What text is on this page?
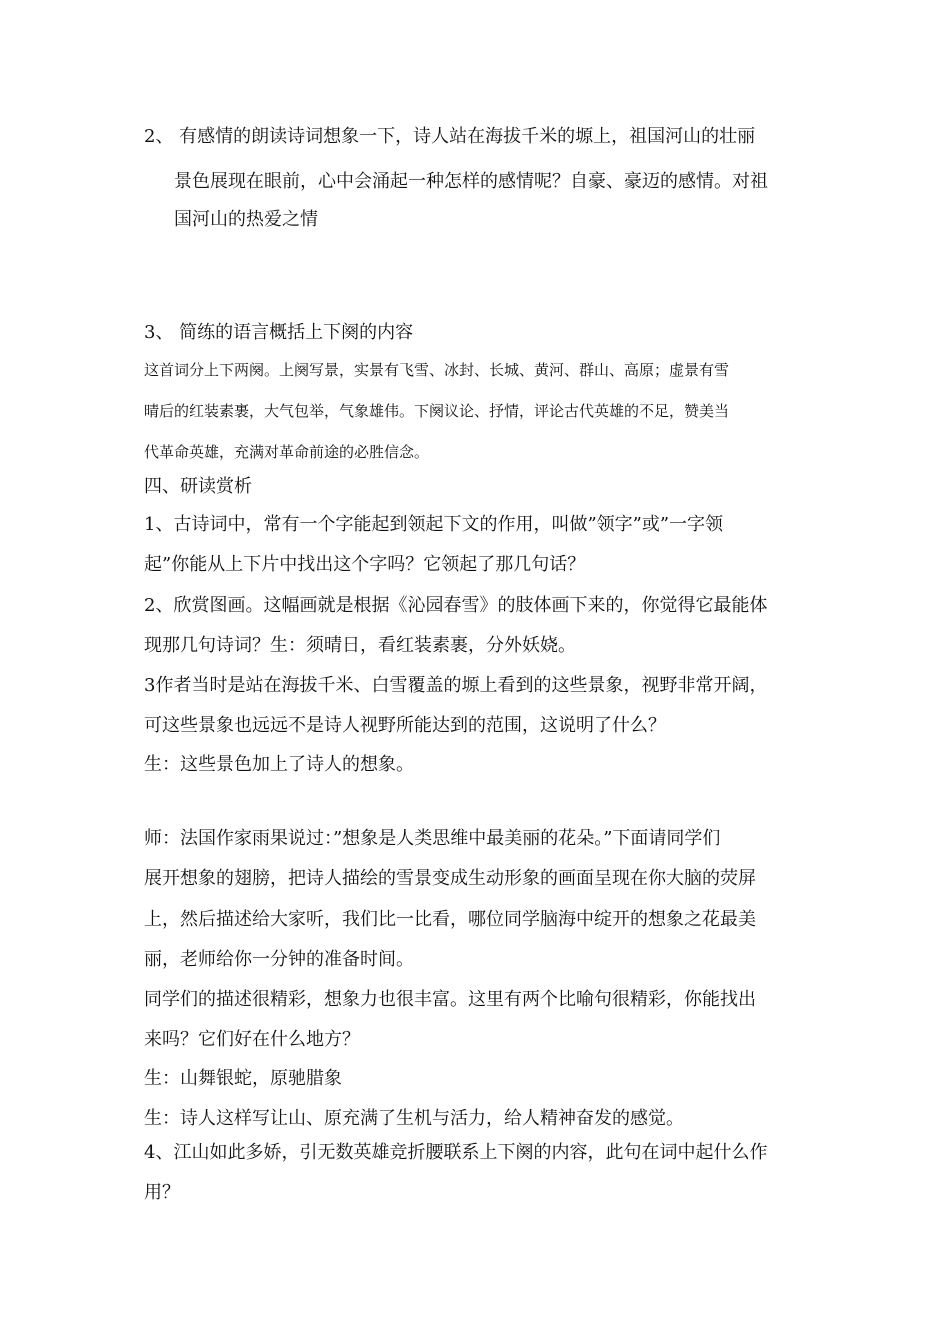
2、 有感情的朗读诗词想象一下，诗人站在海拔千米的塬上，祖国河山的壮丽
景色展现在眼前，心中会涌起一种怎样的感情呢？自豪、豪迈的感情。对祖
国河山的热爱之情
3、 简练的语言概括上下阕的内容
这首词分上下两阕。上阕写景，实景有飞雪、冰封、长城、黄河、群山、高原；虚景有雪
晴后的红装素裹，大气包举，气象雄伟。下阕议论、抒情，评论古代英雄的不足，赞美当
代革命英雄，充满对革命前途的必胜信念。
四、研读赏析
1、古诗词中，常有一个字能起到领起下文的作用，叫做”领字”或”一字领
起”你能从上下片中找出这个字吗？它领起了那几句话？
2、欣赏图画。这幅画就是根据《沁园春雪》的肢体画下来的，你觉得它最能体
现那几句诗词？生：须晴日，看红装素裹，分外妖娆。
3作者当时是站在海拔千米、白雪覆盖的塬上看到的这些景象，视野非常开阔，
可这些景象也远远不是诗人视野所能达到的范围，这说明了什么？
生：这些景色加上了诗人的想象。
师：法国作家雨果说过：”想象是人类思维中最美丽的花朵。”下面请同学们
展开想象的翅膀，把诗人描绘的雪景变成生动形象的画面呈现在你大脑的荧屏
上，然后描述给大家听，我们比一比看，哪位同学脑海中绽开的想象之花最美
丽，老师给你一分钟的准备时间。
同学们的描述很精彩，想象力也很丰富。这里有两个比喻句很精彩，你能找出
来吗？它们好在什么地方？
生：山舞银蛇，原驰腊象
生：诗人这样写让山、原充满了生机与活力，给人精神奋发的感觉。
4、江山如此多娇，引无数英雄竞折腰联系上下阕的内容，此句在词中起什么作
用？
